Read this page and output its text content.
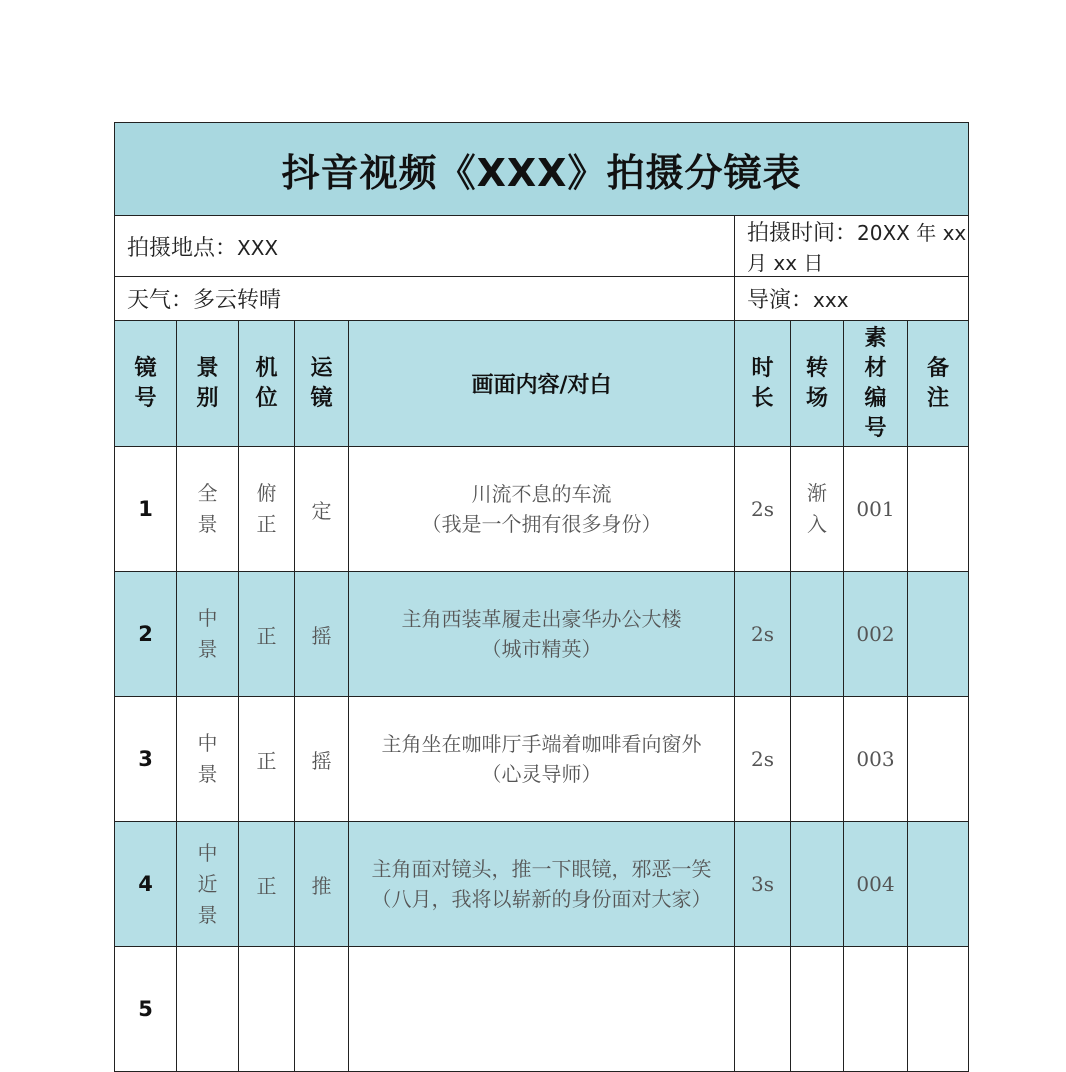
抖音视频《XXX》拍摄分镜表								
拍摄地点：XXX					拍摄时间：20XX 年 xx 月 xx 日			
天气：多云转晴					导演：xxx			
镜号	景别	机位	运镜	画面内容/对白	时长	转场	素材编号	备注
1	全景	俯正	定	川流不息的车流
（我是一个拥有很多身份）	2s	渐入	001	
2	中景	正	摇	主角西装革履走出豪华办公大楼
（城市精英）	2s		002	
3	中景	正	摇	主角坐在咖啡厅手端着咖啡看向窗外
（心灵导师）	2s		003	
4	中近景	正	推	主角面对镜头，推一下眼镜，邪恶一笑
（八月，我将以崭新的身份面对大家）	3s		004	
5				
